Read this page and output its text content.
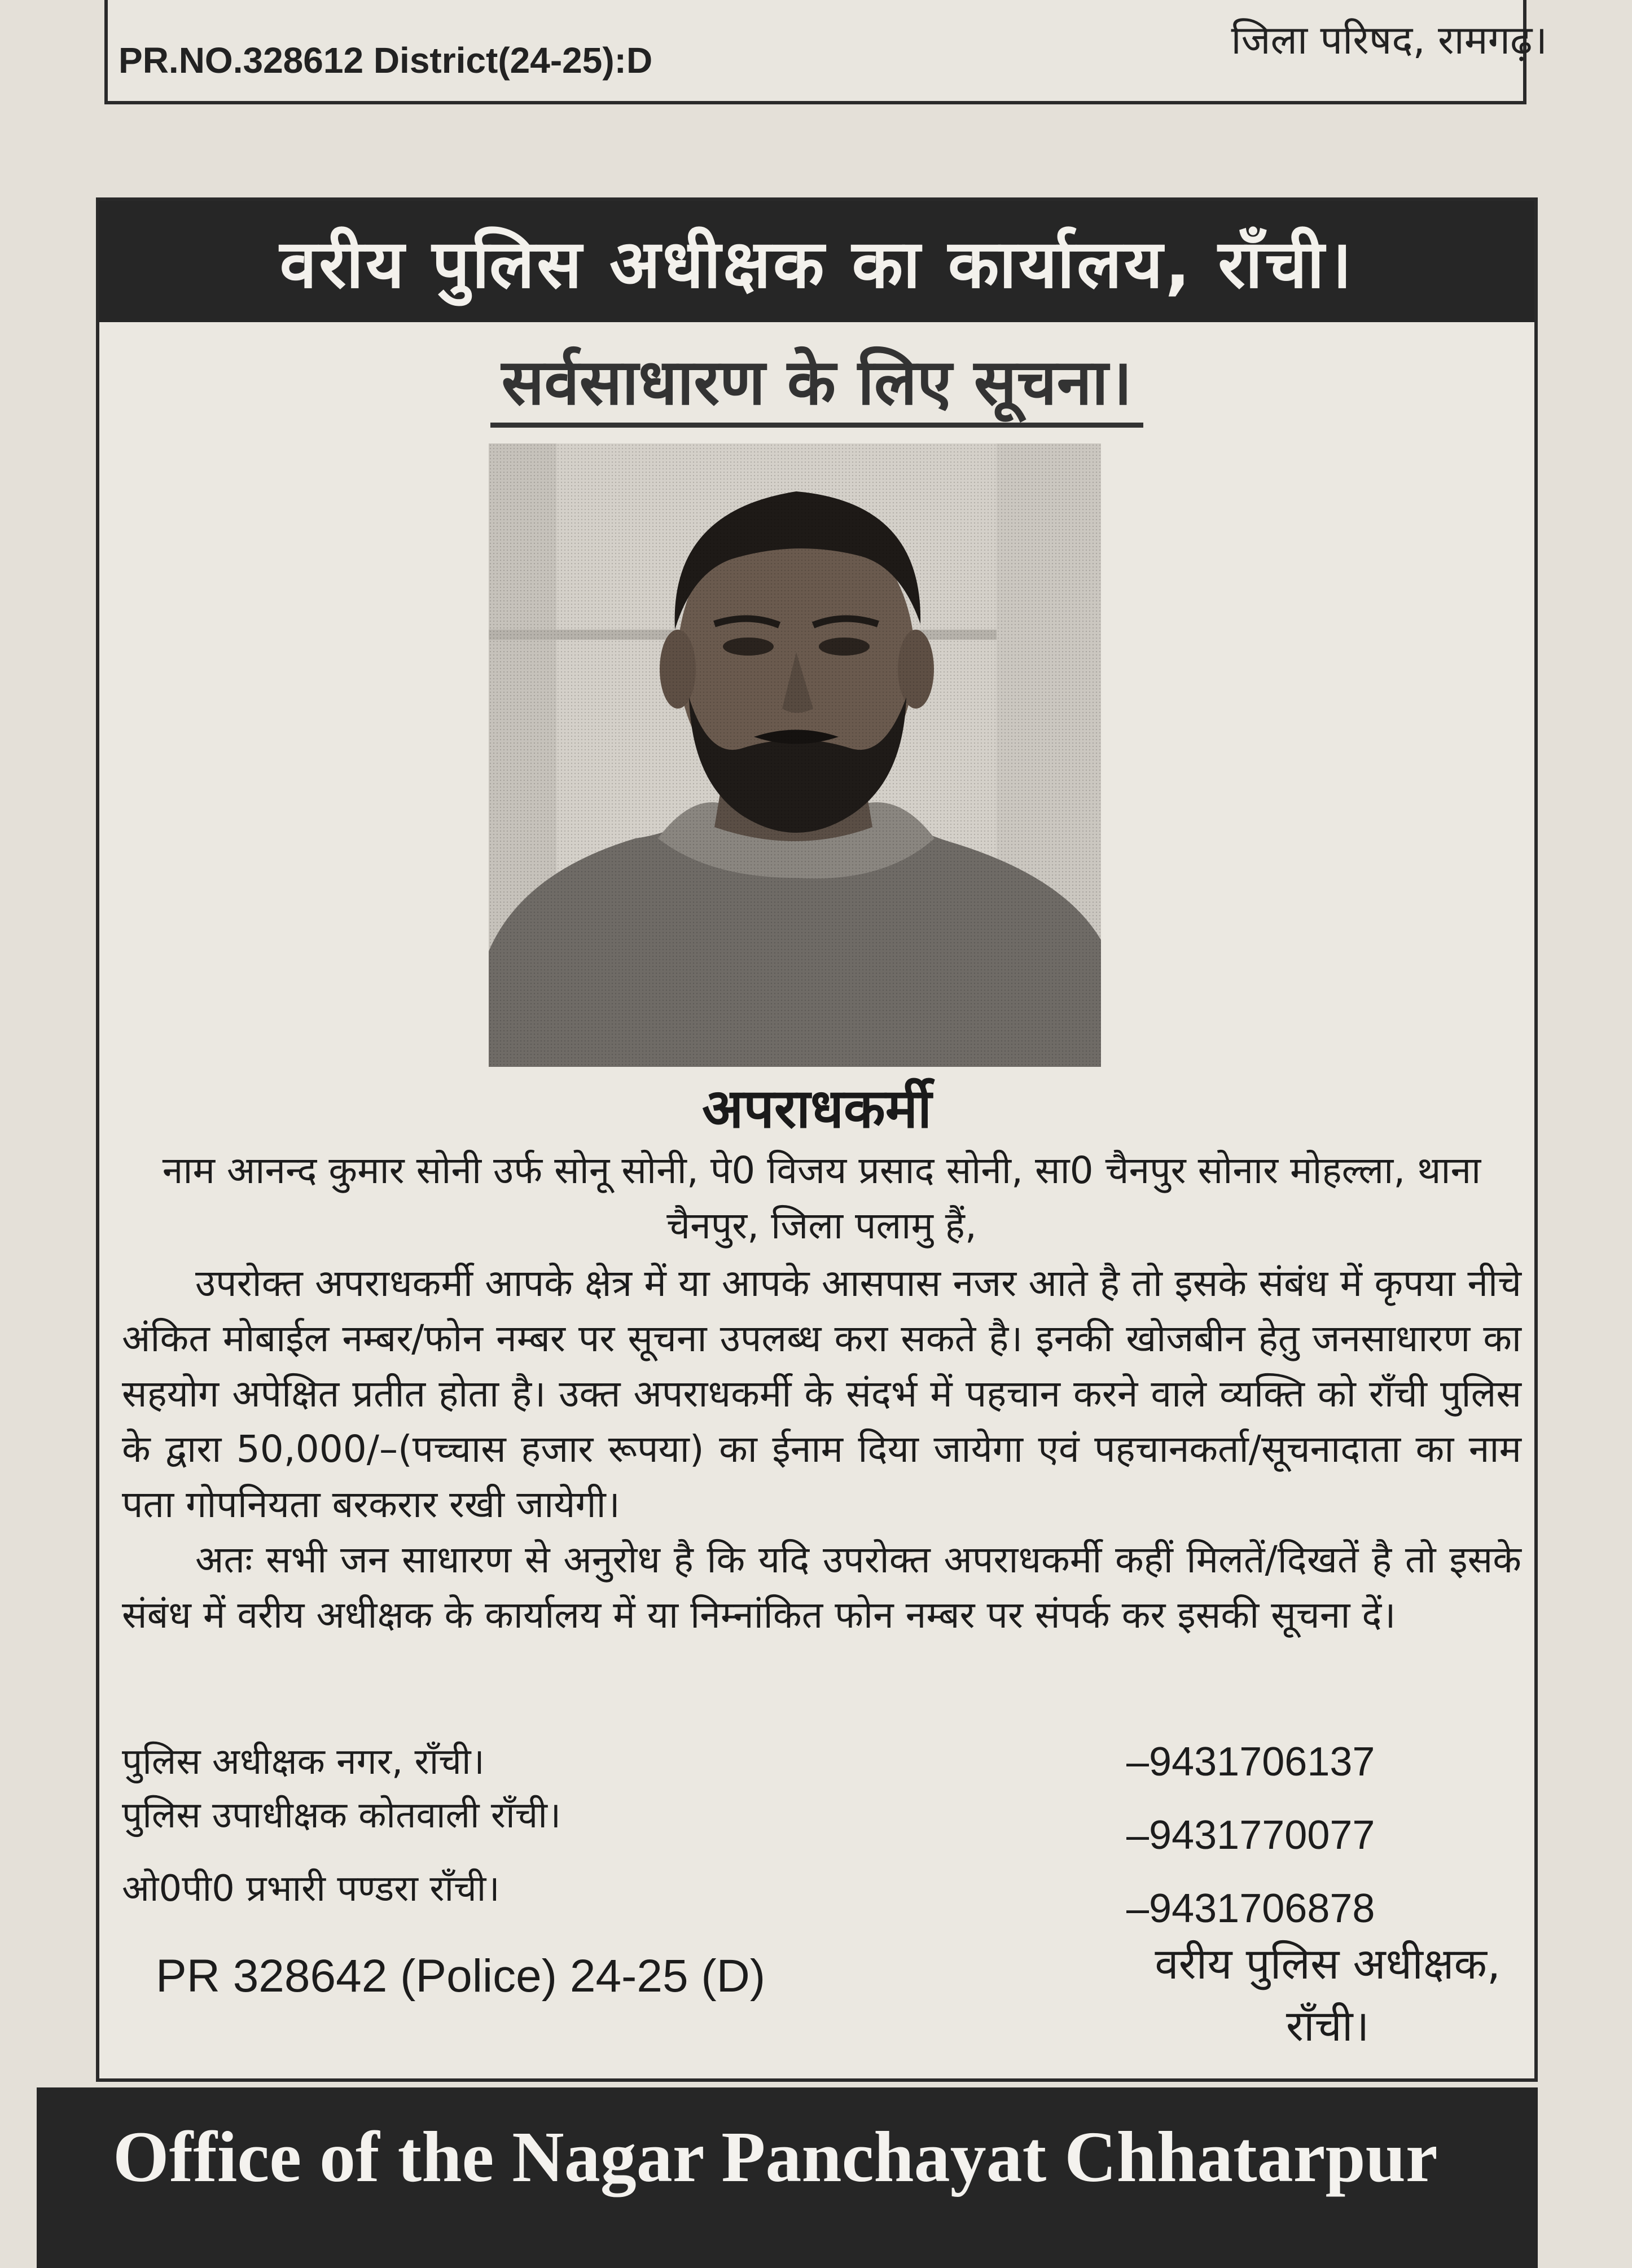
PR.NO.328612 District(24-25):D	जिला परिषद, रामगढ़।
वरीय पुलिस अधीक्षक का कार्यालय, राँची।
सर्वसाधारण के लिए सूचना।
अपराधकर्मी

नाम आनन्द कुमार सोनी उर्फ सोनू सोनी, पे0 विजय प्रसाद सोनी, सा0 चैनपुर सोनार मोहल्ला, थाना चैनपुर, जिला पलामु हैं,

उपरोक्त अपराधकर्मी आपके क्षेत्र में या आपके आसपास नजर आते है तो इसके संबंध में कृपया नीचे अंकित मोबाईल नम्बर/फोन नम्बर पर सूचना उपलब्ध करा सकते है। इनकी खोजबीन हेतु जनसाधारण का सहयोग अपेक्षित प्रतीत होता है। उक्त अपराधकर्मी के संदर्भ में पहचान करने वाले व्यक्ति को राँची पुलिस के द्वारा 50,000/–(पच्चास हजार रूपया) का ईनाम दिया जायेगा एवं पहचानकर्ता/सूचनादाता का नाम पता गोपनियता बरकरार रखी जायेगी।

अतः सभी जन साधारण से अनुरोध है कि यदि उपरोक्त अपराधकर्मी कहीं मिलतें/दिखतें है तो इसके संबंध में वरीय अधीक्षक के कार्यालय में या निम्नांकित फोन नम्बर पर संपर्क कर इसकी सूचना दें।

पुलिस अधीक्षक नगर, राँची।	–9431706137
पुलिस उपाधीक्षक कोतवाली राँची।	–9431770077
ओ0पी0 प्रभारी पण्डरा राँची।	–9431706878
PR 328642 (Police) 24-25 (D)	वरीय पुलिस अधीक्षक,
राँची।
Office of the Nagar Panchayat Chhatarpur
